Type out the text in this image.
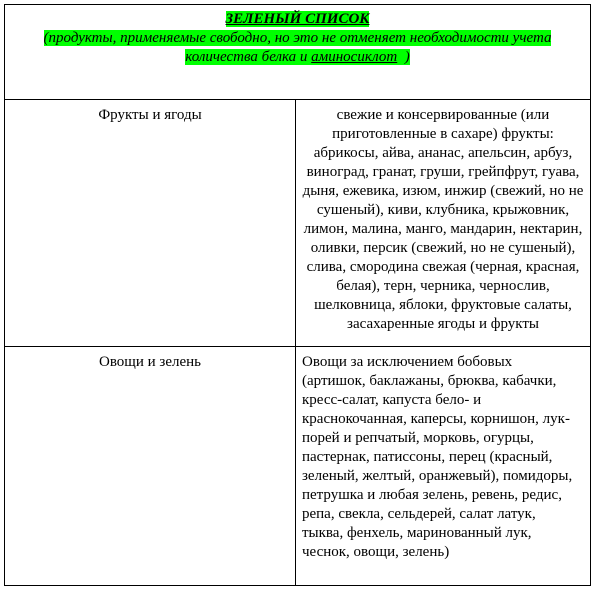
ЗЕЛЕНЫЙ СПИСОК
(продукты, применяемые свободно, но это не отменяет необходимости учета
количества белка и аминосиклот  )	

Фрукты и ягоды	свежие и консервированные (или приготовленные в сахаре) фрукты: абрикосы, айва, ананас, апельсин, арбуз, виноград, гранат, груши, грейпфрут, гуава, дыня, ежевика, изюм, инжир (свежий, но не сушеный), киви, клубника, крыжовник, лимон, малина, манго, мандарин, нектарин, оливки, персик (свежий, но не сушеный), слива, смородина свежая (черная, красная, белая), терн, черника, чернослив, шелковница, яблоки, фруктовые салаты, засахаренные ягоды и фрукты
Овощи и зелень	Овощи за исключением бобовых (артишок, баклажаны, брюква, кабачки, кресс-салат, капуста бело- и краснокочанная, каперсы, корнишон, лук-порей и репчатый, морковь, огурцы, пастернак, патиссоны, перец (красный, зеленый, желтый, оранжевый), помидоры, петрушка и любая зелень, ревень, редис, репа, свекла, сельдерей, салат латук, тыква, фенхель, маринованный лук, чеснок, овощи, зелень)
